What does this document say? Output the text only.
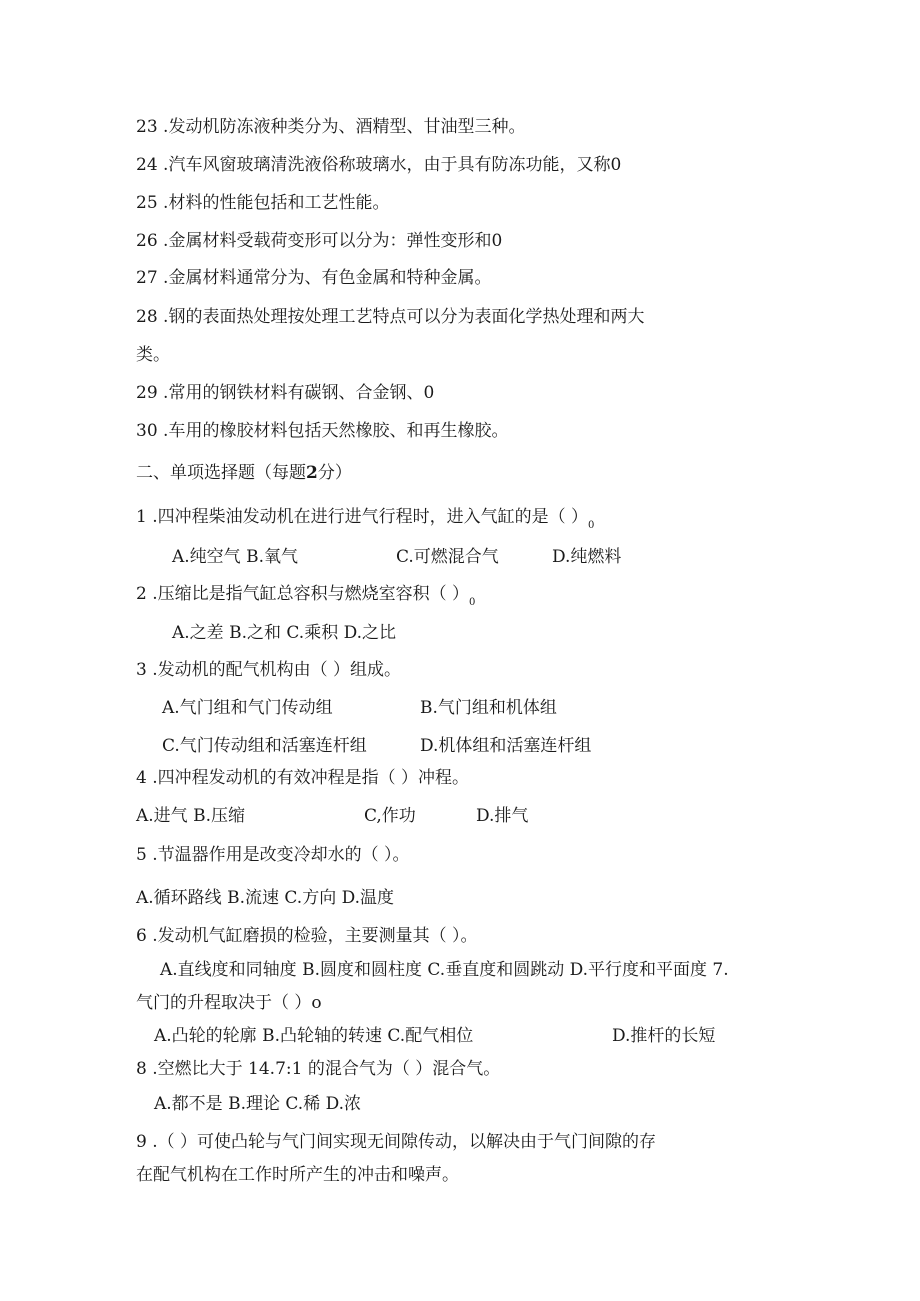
23 .发动机防冻液种类分为、酒精型、甘油型三种。
24 .汽车风窗玻璃清洗液俗称玻璃水，由于具有防冻功能，又称0
25 .材料的性能包括和工艺性能。
26 .金属材料受载荷变形可以分为：弹性变形和0
27 .金属材料通常分为、有色金属和特种金属。
28 .钢的表面热处理按处理工艺特点可以分为表面化学热处理和两大
类。
29 .常用的钢铁材料有碳钢、合金钢、0
30 .车用的橡胶材料包括天然橡胶、和再生橡胶。
二、单项选择题（每题2分）
1 .四冲程柴油发动机在进行进气行程时，进入气缸的是（ ）$_0$
A.纯空气 B.氧气	C.可燃混合气	D.纯燃料
2 .压缩比是指气缸总容积与燃烧室容积（ ）$_0$
A.之差 B.之和 C.乘积 D.之比
3 .发动机的配气机构由（ ）组成。
A.气门组和气门传动组	B.气门组和机体组
C.气门传动组和活塞连杆组	D.机体组和活塞连杆组
4 .四冲程发动机的有效冲程是指（ ）冲程。
A.进气 B.压缩	C,作功	D.排气
5 .节温器作用是改变冷却水的（ ）。
A.循环路线 B.流速 C.方向 D.温度
6 .发动机气缸磨损的检验，主要测量其（ ）。
A.直线度和同轴度 B.圆度和圆柱度 C.垂直度和圆跳动 D.平行度和平面度 7.
气门的升程取决于（ ）o
A.凸轮的轮廓 B.凸轮轴的转速 C.配气相位	D.推杆的长短
8 .空燃比大于 14.7:1 的混合气为（ ）混合气。
A.都不是 B.理论 C.稀 D.浓
9 .（ ）可使凸轮与气门间实现无间隙传动，以解决由于气门间隙的存
在配气机构在工作时所产生的冲击和噪声。
